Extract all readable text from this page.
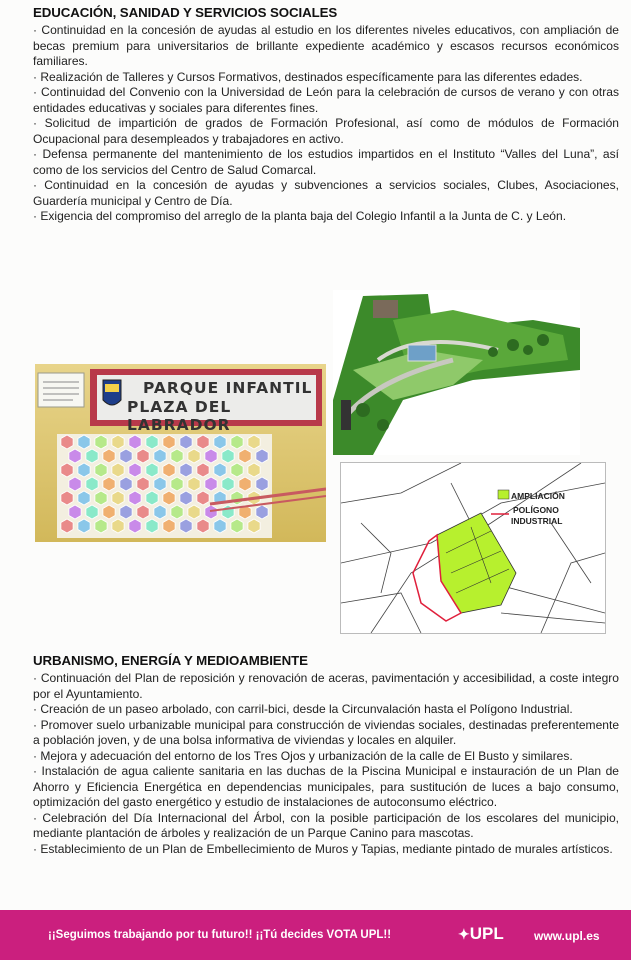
EDUCACIÓN, SANIDAD Y SERVICIOS SOCIALES
· Continuidad en la concesión de ayudas al estudio en los diferentes niveles educativos, con ampliación de becas premium para universitarios de brillante expediente académico y escasos recursos económicos familiares.
· Realización de Talleres y Cursos Formativos, destinados específicamente para las diferentes edades.
· Continuidad del Convenio con la Universidad de León para la celebración de cursos de verano y con otras entidades educativas y sociales para diferentes fines.
· Solicitud de impartición de grados de Formación Profesional, así como de módulos de Formación Ocupacional para desempleados y trabajadores en activo.
· Defensa permanente del mantenimiento de los estudios impartidos en el Instituto “Valles del Luna”, así como de los servicios del Centro de Salud Comarcal.
· Continuidad en la concesión de ayudas y subvenciones a servicios sociales, Clubes, Asociaciones, Guardería municipal y Centro de Día.
· Exigencia del compromiso del arreglo de la planta baja del Colegio Infantil a la Junta de C. y León.
PARQUE INFANTIL
PLAZA DEL LABRADOR
AMPLIACIÓN
POLÍGONO
INDUSTRIAL
URBANISMO, ENERGÍA Y MEDIOAMBIENTE
· Continuación del Plan de reposición y renovación de aceras, pavimentación y accesibilidad, a coste integro por el Ayuntamiento.
· Creación de un paseo arbolado, con carril-bici, desde la Circunvalación hasta el Polígono Industrial.
· Promover suelo urbanizable municipal para construcción de viviendas sociales, destinadas preferentemente a población joven, y de una bolsa informativa de viviendas y locales en alquiler.
· Mejora y adecuación del entorno de los Tres Ojos y urbanización de la calle de El Busto y similares.
· Instalación de agua caliente sanitaria en las duchas de la Piscina Municipal e instauración de un Plan de Ahorro y Eficiencia Energética en dependencias municipales, para sustitución de luces a bajo consumo, optimización del gasto energético y estudio de instalaciones de autoconsumo eléctrico.
· Celebración del Día Internacional del Árbol, con la posible participación de los escolares del municipio, mediante plantación de árboles y realización de un Parque Canino para mascotas.
· Establecimiento de un Plan de Embellecimiento de Muros y Tapias, mediante pintado de murales artísticos.
¡¡Seguimos trabajando por tu futuro!! ¡¡Tú decides VOTA UPL!!	✦UPL	www.upl.es
